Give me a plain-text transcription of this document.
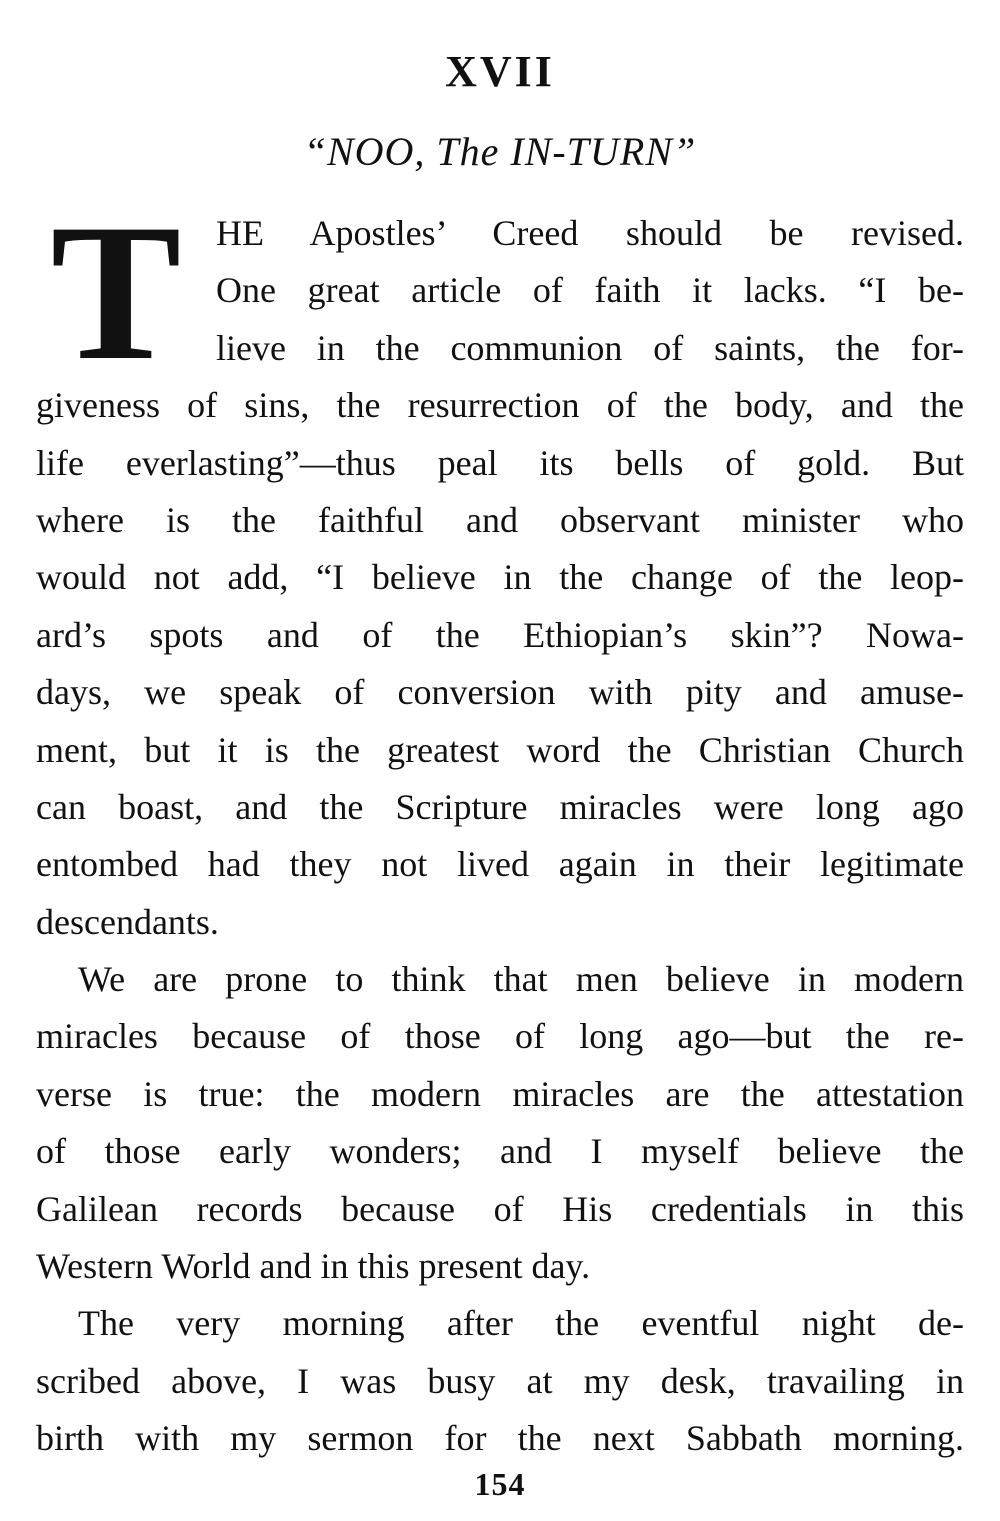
XVII
“NOO, The IN-TURN”
T HE Apostles’ Creed should be revised.
One great article of faith it lacks. “I be-
lieve in the communion of saints, the for-
giveness of sins, the resurrection of the body, and the
life everlasting”—thus peal its bells of gold. But
where is the faithful and observant minister who
would not add, “I believe in the change of the leop-
ard’s spots and of the Ethiopian’s skin”? Nowa-
days, we speak of conversion with pity and amuse-
ment, but it is the greatest word the Christian Church
can boast, and the Scripture miracles were long ago
entombed had they not lived again in their legitimate
descendants.

We are prone to think that men believe in modern
miracles because of those of long ago—but the re-
verse is true: the modern miracles are the attestation
of those early wonders; and I myself believe the
Galilean records because of His credentials in this
Western World and in this present day.

The very morning after the eventful night de-
scribed above, I was busy at my desk, travailing in
birth with my sermon for the next Sabbath morning.

154
